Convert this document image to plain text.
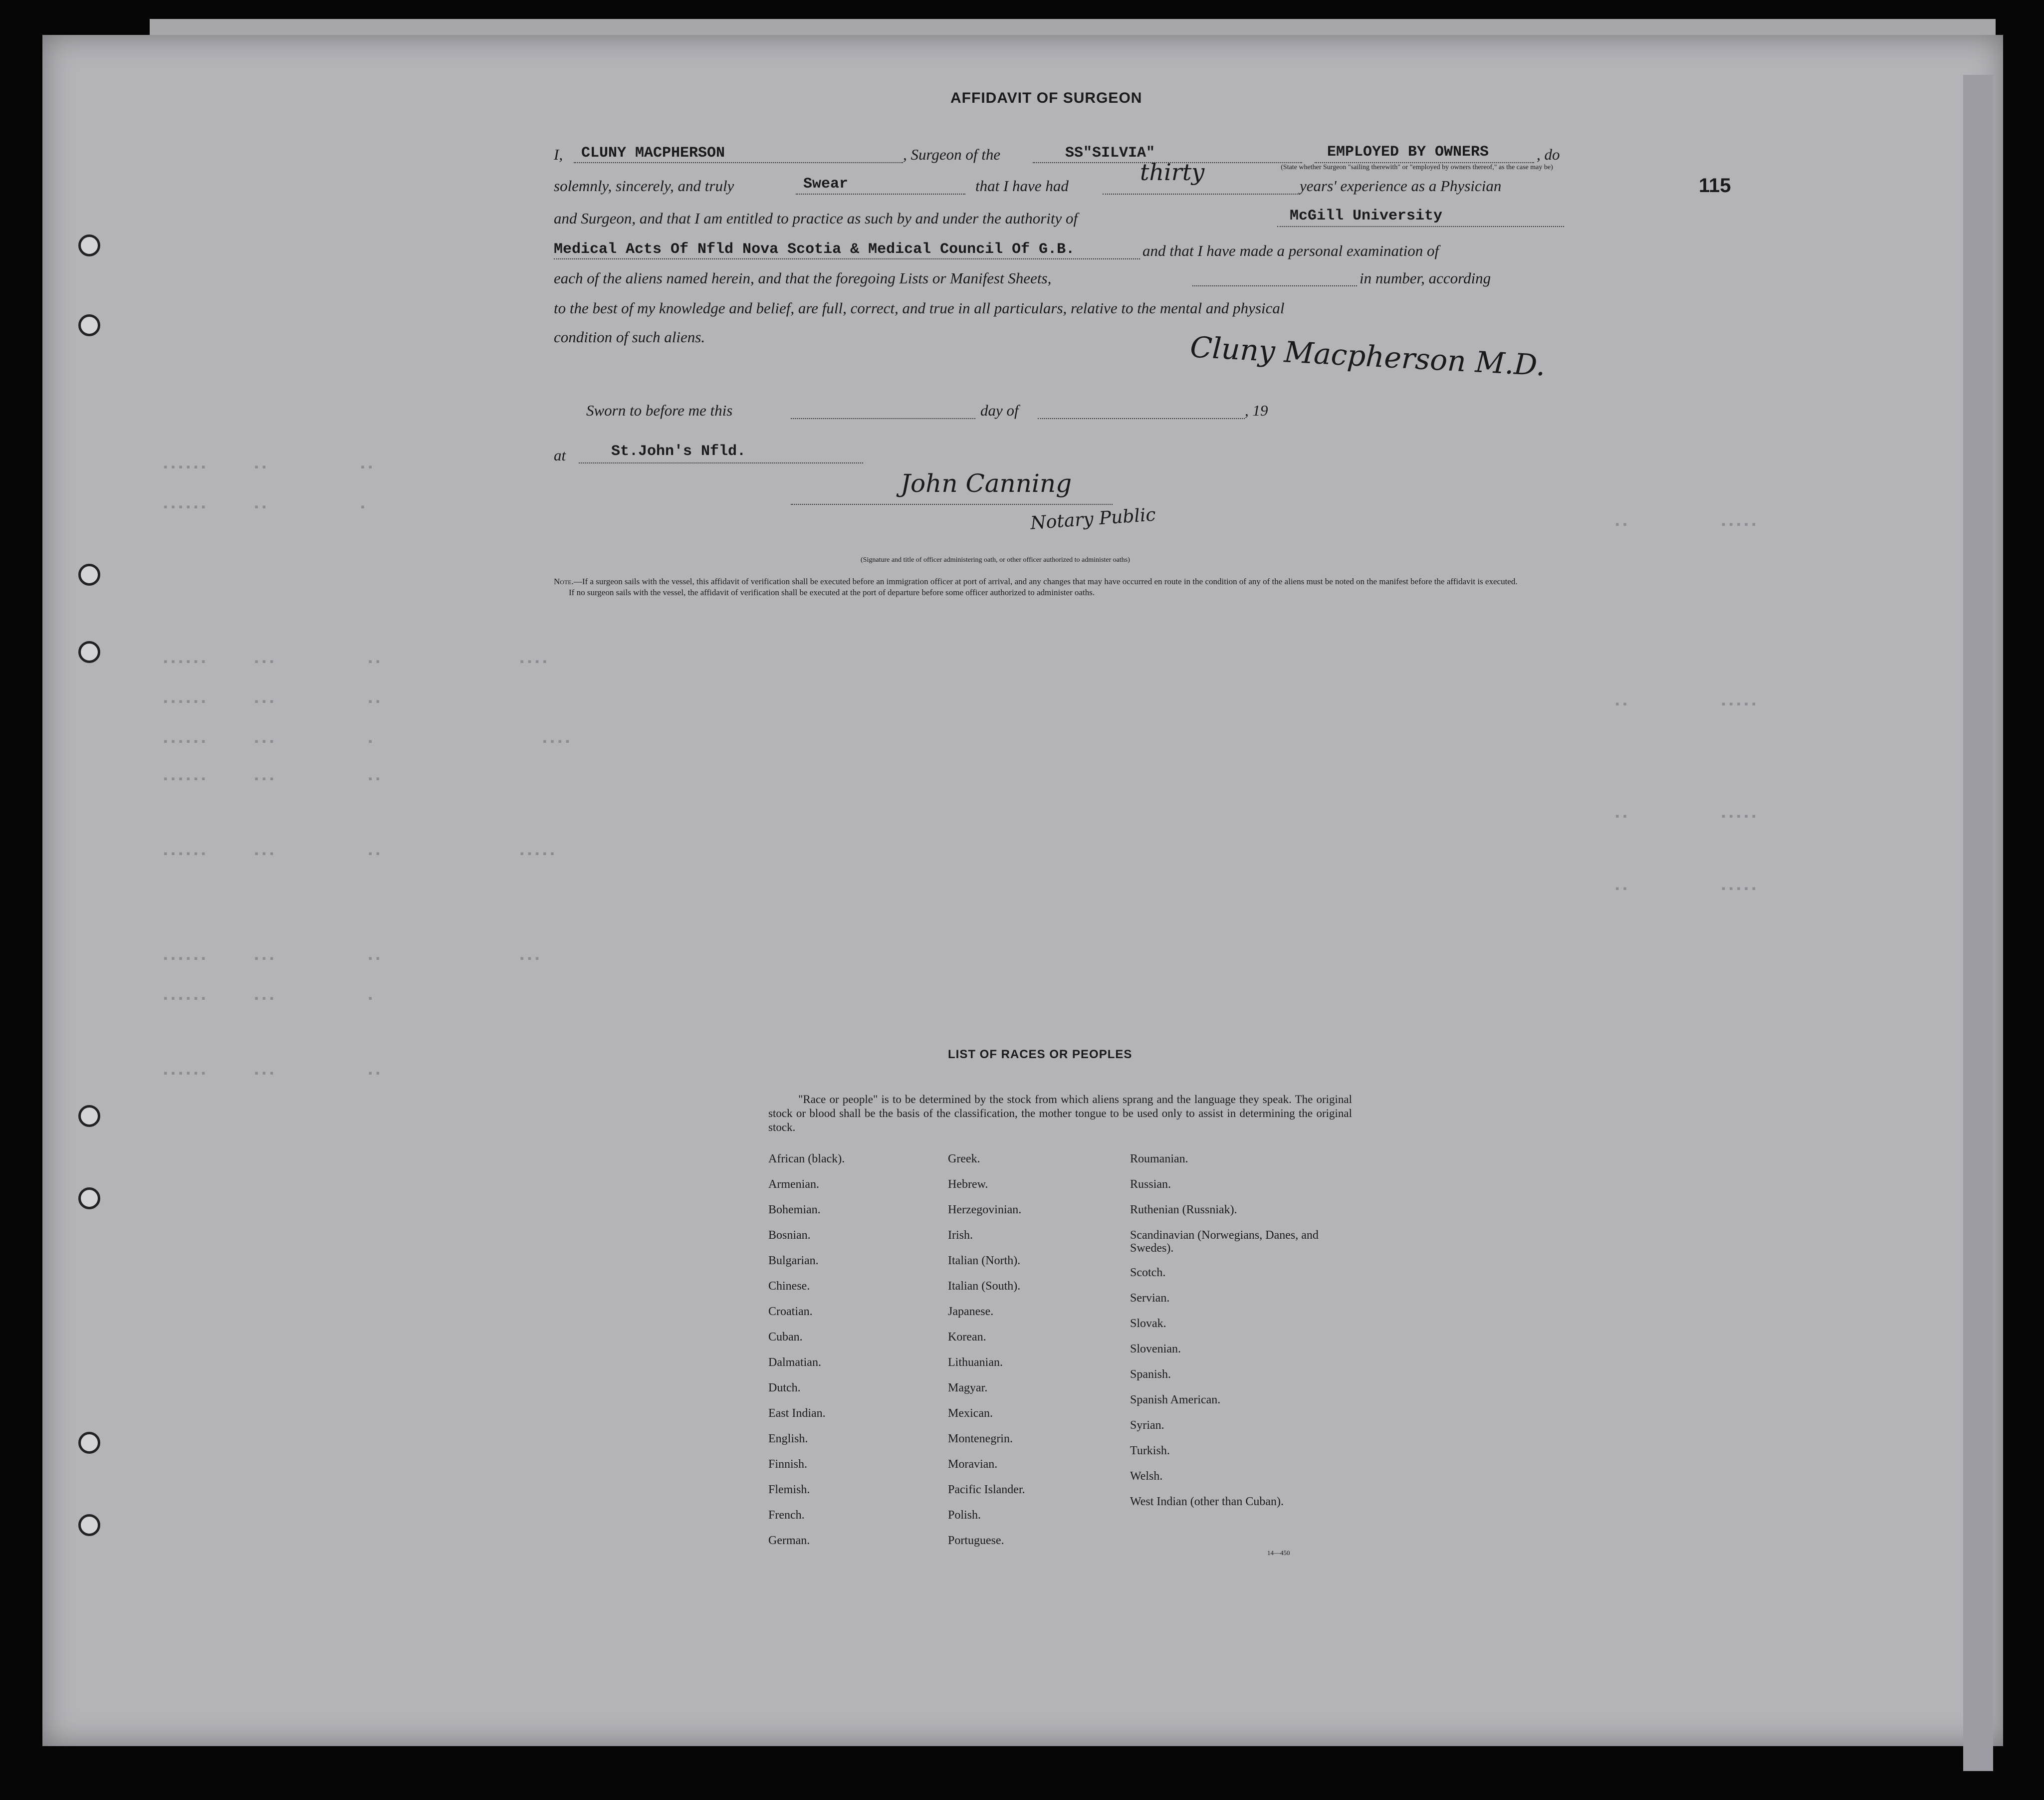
▪▪▪▪▪▪      ▪▪            ▪▪
▪▪▪▪▪▪      ▪▪            ▪
▪▪▪▪▪▪      ▪▪▪            ▪▪                  ▪▪▪▪
▪▪▪▪▪▪      ▪▪▪            ▪▪
▪▪▪▪▪▪      ▪▪▪            ▪                      ▪▪▪▪
▪▪▪▪▪▪      ▪▪▪            ▪▪
▪▪▪▪▪▪      ▪▪▪            ▪▪                  ▪▪▪▪▪
▪▪▪▪▪▪      ▪▪▪            ▪▪                  ▪▪▪
▪▪▪▪▪▪      ▪▪▪            ▪
▪▪▪▪▪▪      ▪▪▪            ▪▪
▪▪            ▪▪▪▪▪
▪▪            ▪▪▪▪▪
▪▪            ▪▪▪▪▪
▪▪            ▪▪▪▪▪
115
AFFIDAVIT OF SURGEON
I, CLUNY MACPHERSON	, Surgeon of the	SS"SILVIA"	EMPLOYED BY OWNERS	, do
(State whether Surgeon "sailing therewith" or "employed by owners thereof," as the case may be)
solemnly, sincerely, and truly	Swear	that I have had
thirty
years' experience as a Physician
and Surgeon, and that I am entitled to practice as such by and under the authority of	McGill University
Medical Acts Of Nfld Nova Scotia & Medical Council Of G.B.	and that I have made a personal examination of
each of the aliens named herein, and that the foregoing Lists or Manifest Sheets,	in number, according
to the best of my knowledge and belief, are full, correct, and true in all particulars, relative to the mental and physical
condition of such aliens.	Cluny Macpherson M.D.
Sworn to before me this	day of	, 19
at	St.John's Nfld.
John Canning
Notary Public
(Signature and title of officer administering oath, or other officer authorized to administer oaths)
Note.—If a surgeon sails with the vessel, this affidavit of verification shall be executed before an immigration officer at port of arrival, and any changes that may have occurred en route in the condition of any of the aliens must be noted on the manifest before the affidavit is executed.
If no surgeon sails with the vessel, the affidavit of verification shall be executed at the port of departure before some officer authorized to administer oaths.
LIST OF RACES OR PEOPLES
"Race or people" is to be determined by the stock from which aliens sprang and the language they speak. The original stock or blood shall be the basis of the classification, the mother tongue to be used only to assist in determining the original stock.
African (black).
Armenian.
Bohemian.
Bosnian.
Bulgarian.
Chinese.
Croatian.
Cuban.
Dalmatian.
Dutch.
East Indian.
English.
Finnish.
Flemish.
French.
German.
Greek.
Hebrew.
Herzegovinian.
Irish.
Italian (North).
Italian (South).
Japanese.
Korean.
Lithuanian.
Magyar.
Mexican.
Montenegrin.
Moravian.
Pacific Islander.
Polish.
Portuguese.
Roumanian.
Russian.
Ruthenian (Russniak).
Scandinavian (Norwegians, Danes, and Swedes).
Scotch.
Servian.
Slovak.
Slovenian.
Spanish.
Spanish American.
Syrian.
Turkish.
Welsh.
West Indian (other than Cuban).
14—450
